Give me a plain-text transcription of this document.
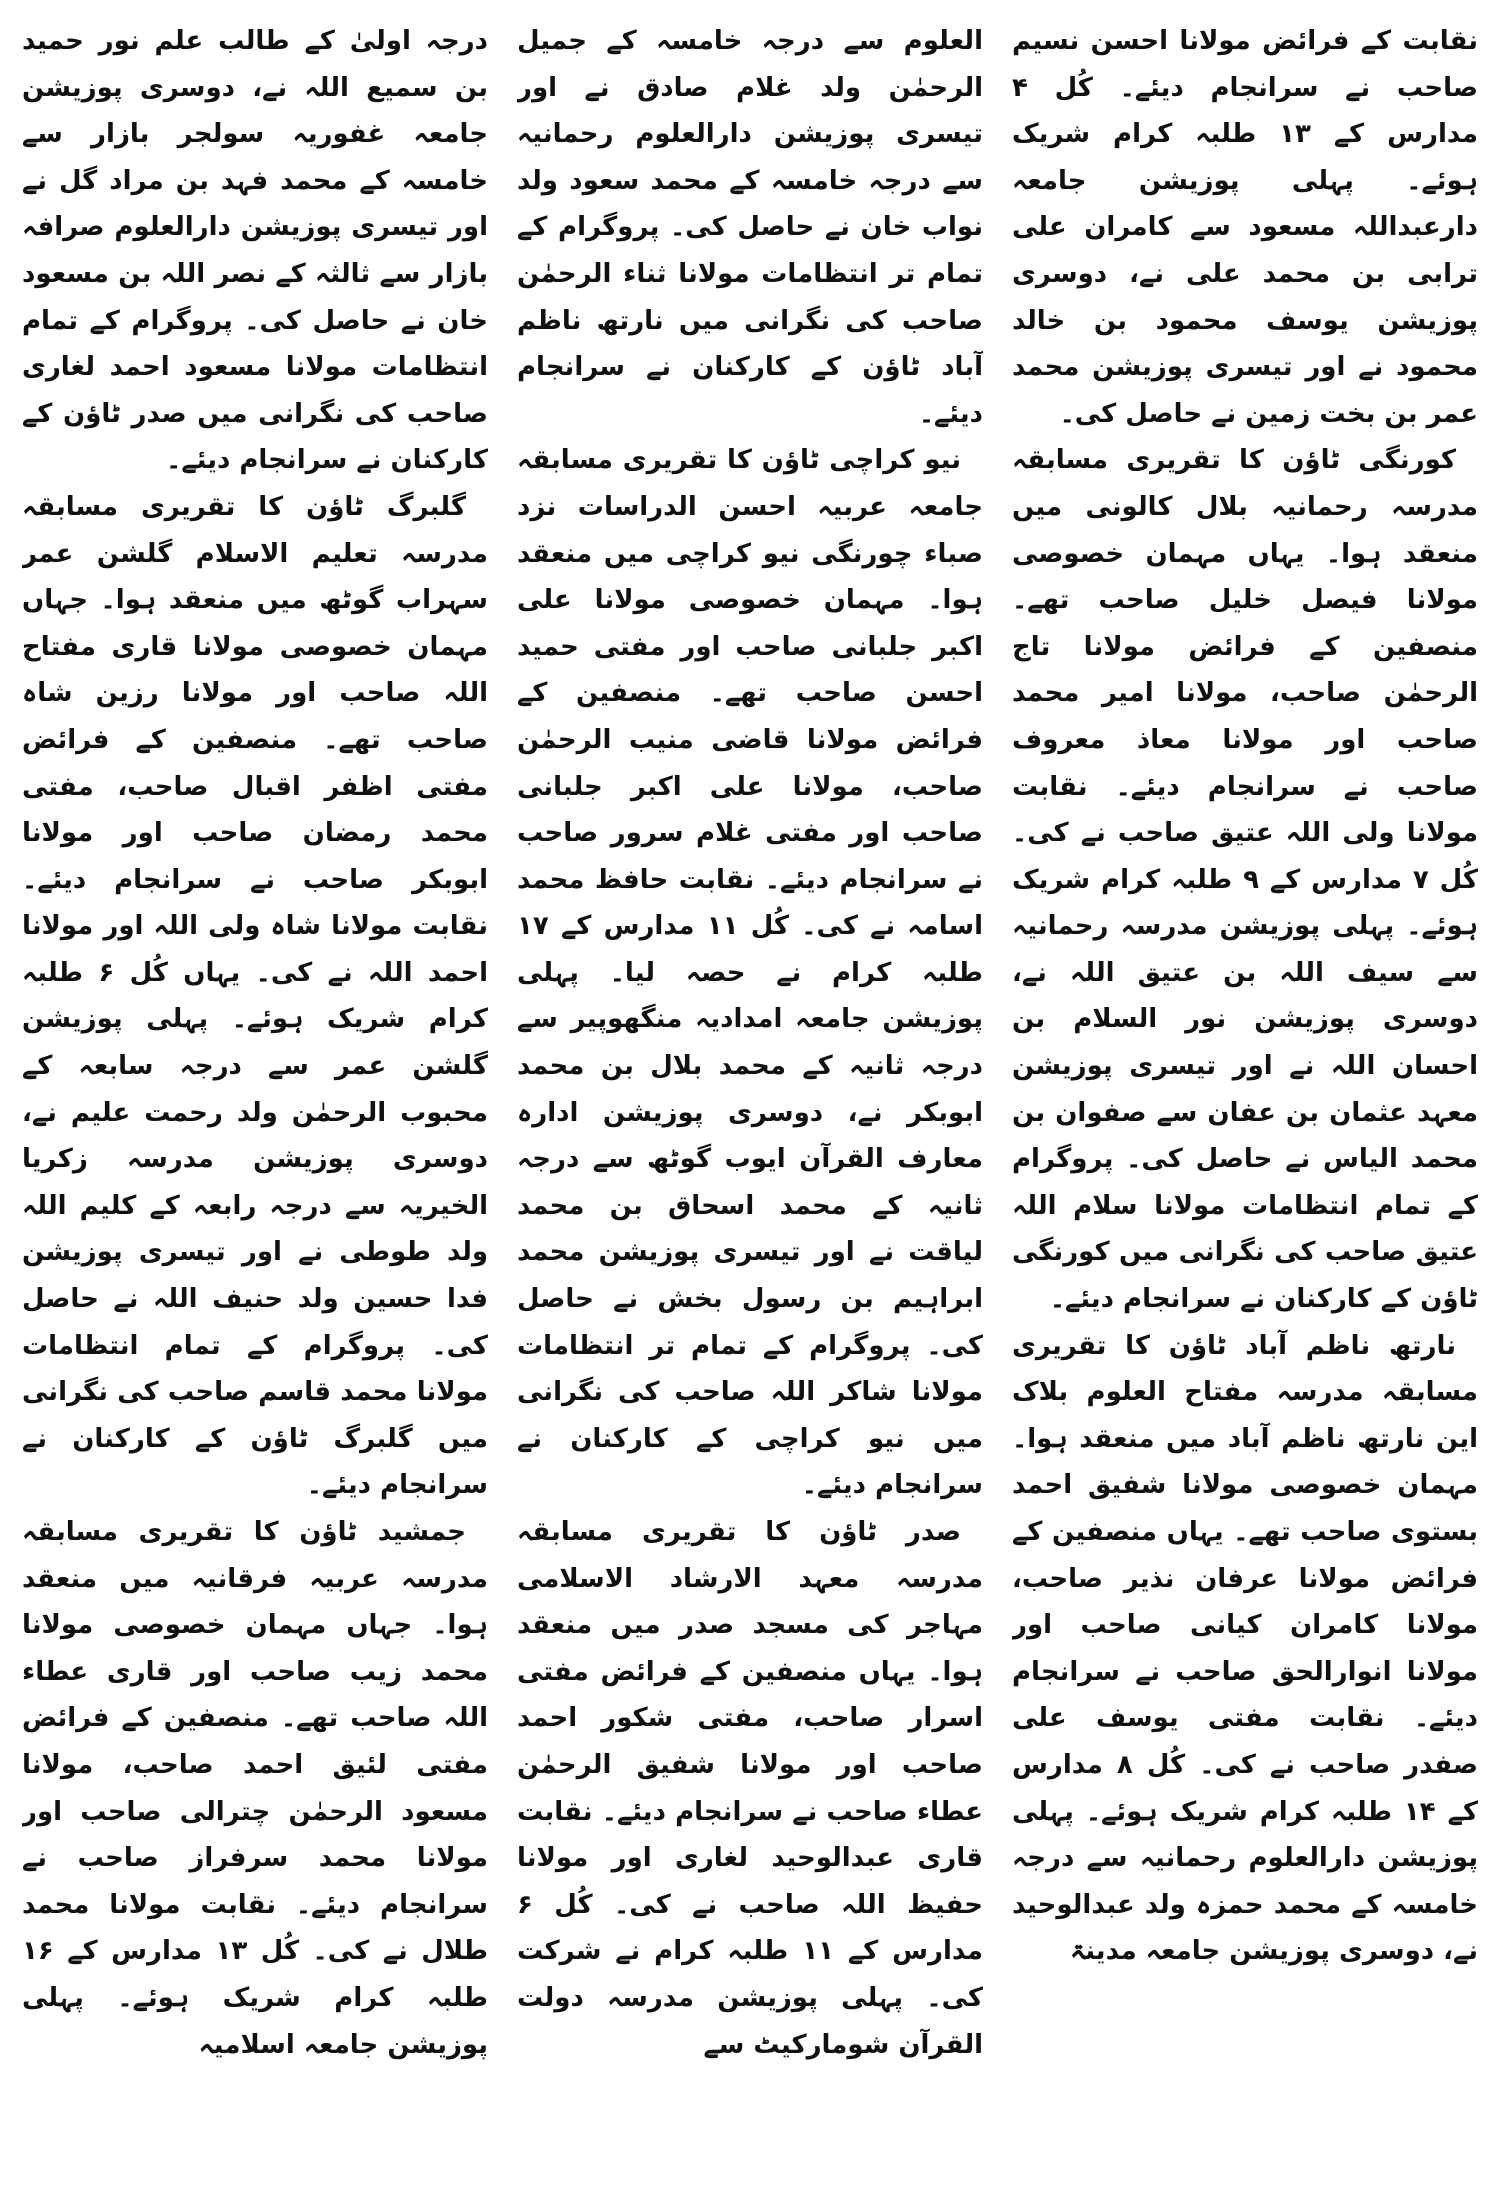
نقابت کے فرائض مولانا احسن نسیم صاحب نے سرانجام دیئے۔ کُل ۴ مدارس کے ۱۳ طلبہ کرام شریک ہوئے۔ پہلی پوزیشن جامعہ دارعبداللہ مسعود سے کامران علی ترابی بن محمد علی نے، دوسری پوزیشن یوسف محمود بن خالد محمود نے اور تیسری پوزیشن محمد عمر بن بخت زمین نے حاصل کی۔

کورنگی ٹاؤن کا تقریری مسابقہ مدرسہ رحمانیہ بلال کالونی میں منعقد ہوا۔ یہاں مہمان خصوصی مولانا فیصل خلیل صاحب تھے۔ منصفین کے فرائض مولانا تاج الرحمٰن صاحب، مولانا امیر محمد صاحب اور مولانا معاذ معروف صاحب نے سرانجام دیئے۔ نقابت مولانا ولی اللہ عتیق صاحب نے کی۔ کُل ۷ مدارس کے ۹ طلبہ کرام شریک ہوئے۔ پہلی پوزیشن مدرسہ رحمانیہ سے سیف اللہ بن عتیق اللہ نے، دوسری پوزیشن نور السلام بن احسان اللہ نے اور تیسری پوزیشن معہد عثمان بن عفان سے صفوان بن محمد الیاس نے حاصل کی۔ پروگرام کے تمام انتظامات مولانا سلام اللہ عتیق صاحب کی نگرانی میں کورنگی ٹاؤن کے کارکنان نے سرانجام دیئے۔

نارتھ ناظم آباد ٹاؤن کا تقریری مسابقہ مدرسہ مفتاح العلوم بلاک این نارتھ ناظم آباد میں منعقد ہوا۔ مہمان خصوصی مولانا شفیق احمد بستوی صاحب تھے۔ یہاں منصفین کے فرائض مولانا عرفان نذیر صاحب، مولانا کامران کیانی صاحب اور مولانا انوارالحق صاحب نے سرانجام دیئے۔ نقابت مفتی یوسف علی صفدر صاحب نے کی۔ کُل ۸ مدارس کے ۱۴ طلبہ کرام شریک ہوئے۔ پہلی پوزیشن دارالعلوم رحمانیہ سے درجہ خامسہ کے محمد حمزہ ولد عبدالوحید نے، دوسری پوزیشن جامعہ مدینۃ

العلوم سے درجہ خامسہ کے جمیل الرحمٰن ولد غلام صادق نے اور تیسری پوزیشن دارالعلوم رحمانیہ سے درجہ خامسہ کے محمد سعود ولد نواب خان نے حاصل کی۔ پروگرام کے تمام تر انتظامات مولانا ثناء الرحمٰن صاحب کی نگرانی میں نارتھ ناظم آباد ٹاؤن کے کارکنان نے سرانجام دیئے۔

نیو کراچی ٹاؤن کا تقریری مسابقہ جامعہ عربیہ احسن الدراسات نزد صباء چورنگی نیو کراچی میں منعقد ہوا۔ مہمان خصوصی مولانا علی اکبر جلبانی صاحب اور مفتی حمید احسن صاحب تھے۔ منصفین کے فرائض مولانا قاضی منیب الرحمٰن صاحب، مولانا علی اکبر جلبانی صاحب اور مفتی غلام سرور صاحب نے سرانجام دیئے۔ نقابت حافظ محمد اسامہ نے کی۔ کُل ۱۱ مدارس کے ۱۷ طلبہ کرام نے حصہ لیا۔ پہلی پوزیشن جامعہ امدادیہ منگھوپیر سے درجہ ثانیہ کے محمد بلال بن محمد ابوبکر نے، دوسری پوزیشن ادارہ معارف القرآن ایوب گوٹھ سے درجہ ثانیہ کے محمد اسحاق بن محمد لیاقت نے اور تیسری پوزیشن محمد ابراہیم بن رسول بخش نے حاصل کی۔ پروگرام کے تمام تر انتظامات مولانا شاکر اللہ صاحب کی نگرانی میں نیو کراچی کے کارکنان نے سرانجام دیئے۔

صدر ٹاؤن کا تقریری مسابقہ مدرسہ معہد الارشاد الاسلامی مہاجر کی مسجد صدر میں منعقد ہوا۔ یہاں منصفین کے فرائض مفتی اسرار صاحب، مفتی شکور احمد صاحب اور مولانا شفیق الرحمٰن عطاء صاحب نے سرانجام دیئے۔ نقابت قاری عبدالوحید لغاری اور مولانا حفیظ اللہ صاحب نے کی۔ کُل ۶ مدارس کے ۱۱ طلبہ کرام نے شرکت کی۔ پہلی پوزیشن مدرسہ دولت القرآن شومارکیٹ سے

درجہ اولیٰ کے طالب علم نور حمید بن سمیع اللہ نے، دوسری پوزیشن جامعہ غفوریہ سولجر بازار سے خامسہ کے محمد فہد بن مراد گل نے اور تیسری پوزیشن دارالعلوم صرافہ بازار سے ثالثہ کے نصر اللہ بن مسعود خان نے حاصل کی۔ پروگرام کے تمام انتظامات مولانا مسعود احمد لغاری صاحب کی نگرانی میں صدر ٹاؤن کے کارکنان نے سرانجام دیئے۔

گلبرگ ٹاؤن کا تقریری مسابقہ مدرسہ تعلیم الاسلام گلشن عمر سہراب گوٹھ میں منعقد ہوا۔ جہاں مہمان خصوصی مولانا قاری مفتاح اللہ صاحب اور مولانا رزین شاہ صاحب تھے۔ منصفین کے فرائض مفتی اظفر اقبال صاحب، مفتی محمد رمضان صاحب اور مولانا ابوبکر صاحب نے سرانجام دیئے۔ نقابت مولانا شاہ ولی اللہ اور مولانا احمد اللہ نے کی۔ یہاں کُل ۶ طلبہ کرام شریک ہوئے۔ پہلی پوزیشن گلشن عمر سے درجہ سابعہ کے محبوب الرحمٰن ولد رحمت علیم نے، دوسری پوزیشن مدرسہ زکریا الخیریہ سے درجہ رابعہ کے کلیم اللہ ولد طوطی نے اور تیسری پوزیشن فدا حسین ولد حنیف اللہ نے حاصل کی۔ پروگرام کے تمام انتظامات مولانا محمد قاسم صاحب کی نگرانی میں گلبرگ ٹاؤن کے کارکنان نے سرانجام دیئے۔

جمشید ٹاؤن کا تقریری مسابقہ مدرسہ عربیہ فرقانیہ میں منعقد ہوا۔ جہاں مہمان خصوصی مولانا محمد زیب صاحب اور قاری عطاء اللہ صاحب تھے۔ منصفین کے فرائض مفتی لئیق احمد صاحب، مولانا مسعود الرحمٰن چترالی صاحب اور مولانا محمد سرفراز صاحب نے سرانجام دیئے۔ نقابت مولانا محمد طلال نے کی۔ کُل ۱۳ مدارس کے ۱۶ طلبہ کرام شریک ہوئے۔ پہلی پوزیشن جامعہ اسلامیہ
